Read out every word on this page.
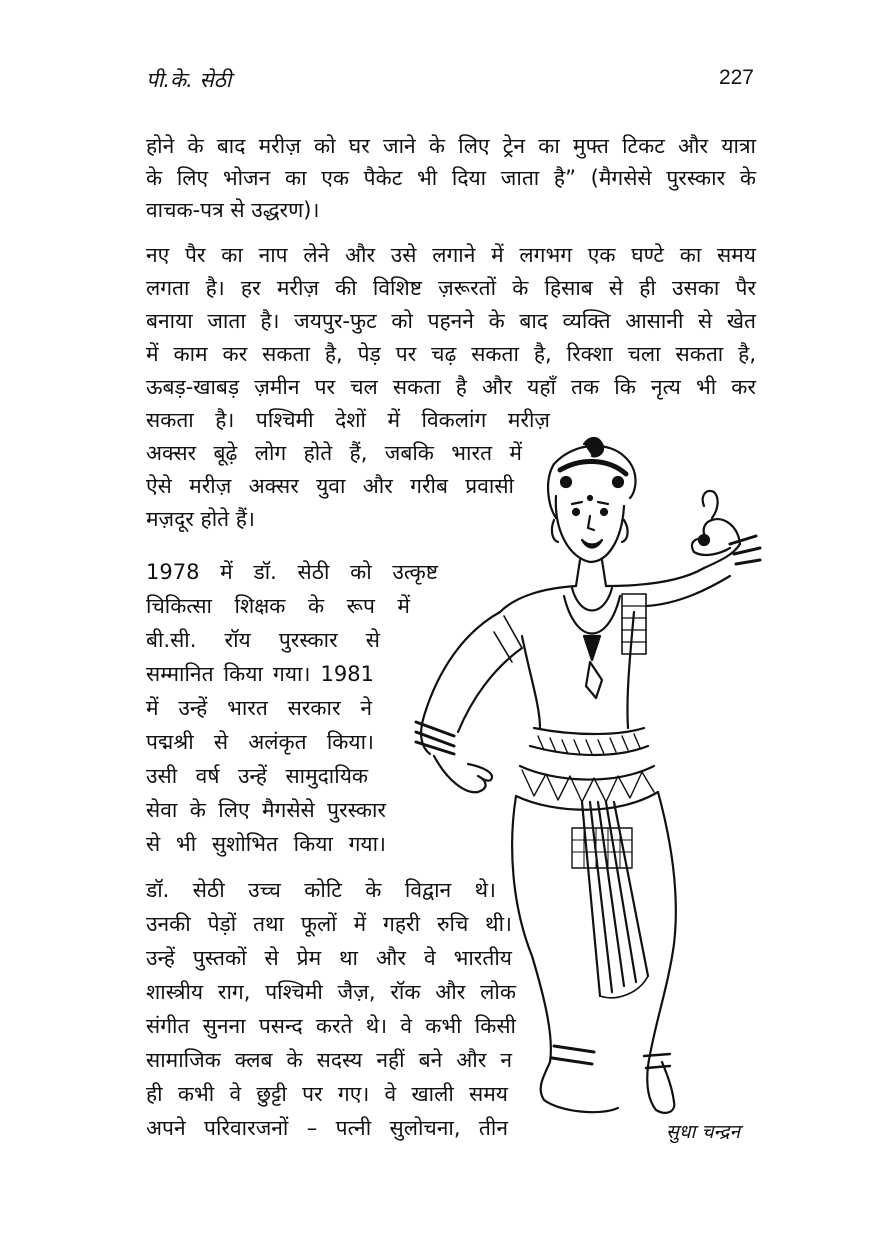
पी.के. सेठी	227
होने के बाद मरीज़ को घर जाने के लिए ट्रेन का मुफ्त टिकट और यात्रा
के लिए भोजन का एक पैकेट भी दिया जाता है” (मैगसेसे पुरस्कार के
वाचक-पत्र से उद्धरण)।
नए पैर का नाप लेने और उसे लगाने में लगभग एक घण्टे का समय
लगता है। हर मरीज़ की विशिष्ट ज़रूरतों के हिसाब से ही उसका पैर
बनाया जाता है। जयपुर-फुट को पहनने के बाद व्यक्ति आसानी से खेत
में काम कर सकता है, पेड़ पर चढ़ सकता है, रिक्शा चला सकता है,
ऊबड़-खाबड़ ज़मीन पर चल सकता है और यहाँ तक कि नृत्य भी कर
सकता है। पश्चिमी देशों में विकलांग मरीज़
अक्सर बूढ़े लोग होते हैं, जबकि भारत में
ऐसे मरीज़ अक्सर युवा और गरीब प्रवासी
मज़दूर होते हैं।
1978 में डॉ. सेठी को उत्कृष्ट
चिकित्सा शिक्षक के रूप में
बी.सी. रॉय पुरस्कार से
सम्मानित किया गया। 1981
में उन्हें भारत सरकार ने
पद्मश्री से अलंकृत किया।
उसी वर्ष उन्हें सामुदायिक
सेवा के लिए मैगसेसे पुरस्कार
से भी सुशोभित किया गया।
डॉ. सेठी उच्च कोटि के विद्वान थे।
उनकी पेड़ों तथा फूलों में गहरी रुचि थी।
उन्हें पुस्तकों से प्रेम था और वे भारतीय
शास्त्रीय राग, पश्चिमी जैज़, रॉक और लोक
संगीत सुनना पसन्द करते थे। वे कभी किसी
सामाजिक क्लब के सदस्य नहीं बने और न
ही कभी वे छुट्टी पर गए। वे खाली समय
अपने परिवारजनों – पत्नी सुलोचना, तीन	सुधा चन्द्रन
